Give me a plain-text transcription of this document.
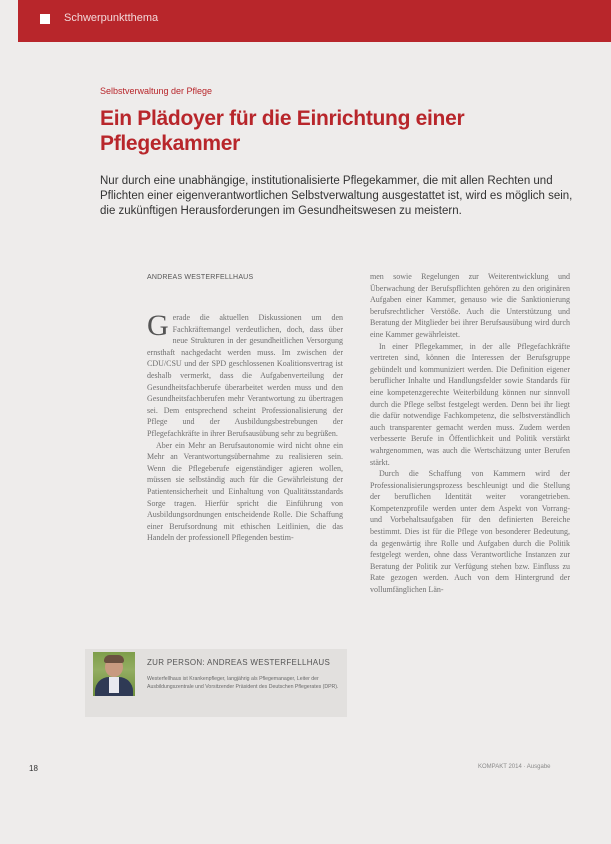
Schwerpunktthema
Selbstverwaltung der Pflege
Ein Plädoyer für die Einrichtung einer Pflegekammer
Nur durch eine unabhängige, institutionalisierte Pflegekammer, die mit allen Rechten und Pflichten einer eigenverantwortlichen Selbstverwaltung ausgestattet ist, wird es möglich sein, die zukünftigen Herausforderungen im Gesundheitswesen zu meistern.
ANDREAS WESTERFELLHAUS

Gerade die aktuellen Diskussionen um den Fachkräftemangel verdeutlichen, doch, dass über neue Strukturen in der gesundheitlichen Versorgung ernsthaft nachgedacht werden muss. Im zwischen der CDU/CSU und der SPD geschlossenen Koalitionsvertrag ist deshalb vermerkt, dass die Aufgabenverteilung der Gesundheitsfachberufe überarbeitet werden muss und den Gesundheitsfachberufen mehr Verantwortung zu übertragen sei. Dem entsprechend scheint Professionalisierung der Pflege und der Ausbildungsbestrebungen der Pflegefachkräfte in ihrer Berufsausübung sehr zu begrüßen.

Aber ein Mehr an Berufsautonomie wird nicht ohne ein Mehr an Verantwortungsübernahme zu realisieren sein. Wenn die Pflegeberufe eigenständiger agieren wollen, müssen sie selbständig auch für die Gewährleistung der Patientensicherheit und Einhaltung von Qualitätsstandards Sorge tragen. Hierfür spricht die Einführung von Ausbildungsordnungen entscheidende Rolle. Die Schaffung einer Berufsordnung mit ethischen Leitlinien, die das Handeln der professionell Pflegenden bestim-

men sowie Regelungen zur Weiterentwicklung und Überwachung der Berufspflichten gehören zu den originären Aufgaben einer Kammer, genauso wie die Sanktionierung berufsrechtlicher Verstöße. Auch die Unterstützung und Beratung der Mitglieder bei ihrer Berufsausübung wird durch eine Kammer gewährleistet.

In einer Pflegekammer, in der alle Pflegefachkräfte vertreten sind, können die Interessen der Berufsgruppe gebündelt und kommuniziert werden. Die Definition eigener beruflicher Inhalte und Handlungsfelder sowie Standards für eine kompetenzgerechte Weiterbildung können nur sinnvoll durch die Pflege selbst festgelegt werden. Denn bei ihr liegt die dafür notwendige Fachkompetenz, die selbstverständlich auch transparenter gemacht werden muss. Zudem werden verbesserte Berufe in Öffentlichkeit und Politik verstärkt wahrgenommen, was auch die Wertschätzung unter Berufen stärkt.

Durch die Schaffung von Kammern wird der Professionalisierungsprozess beschleunigt und die Stellung der beruflichen Identität weiter vorangetrieben. Kompetenzprofile werden unter dem Aspekt von Vorrang- und Vorbehaltsaufgaben für den definierten Bereiche bestimmt. Dies ist für die Pflege von besonderer Bedeutung, da gegenwärtig ihre Rolle und Aufgaben durch die Politik festgelegt werden, ohne dass Verantwortliche Instanzen zur Beratung der Politik zur Verfügung stehen bzw. Einfluss zu Rate gezogen werden. Auch von dem Hintergrund der vollumfänglichen Län-

ZUR PERSON: ANDREAS WESTERFELLHAUS
Westerfellhaus ist Krankenpfleger, langjährig als Pflegemanager, Leiter der Ausbildungszentrale und Vorsitzender Präsident des Deutschen Pflegerates (DPR).
18	KOMPAKT 2014 · Ausgabe
